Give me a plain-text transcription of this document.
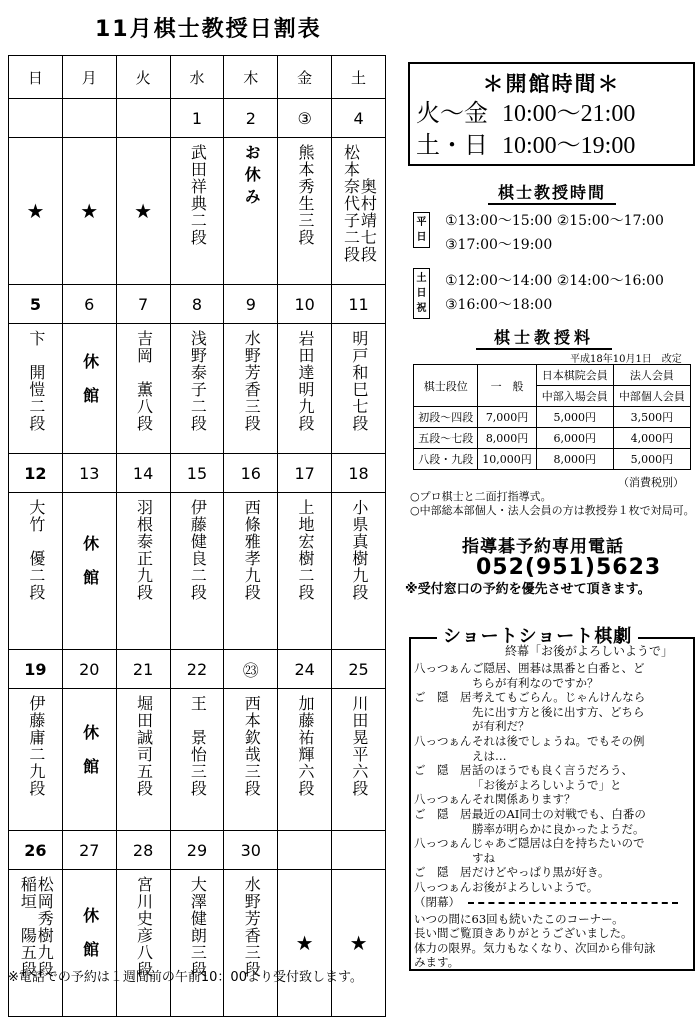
11月棋士教授日割表
日	月	火	水	木	金	土
			1	2	③	4
★	★	★	武田祥典二段	お休み	熊本秀生三段	松本奈代子二段奥村靖七段
5	6	7	8	9	10	11
卞　開愷二段	休館	吉岡　薫八段	浅野泰子二段	水野芳香三段	岩田達明九段	明戸和巳七段
12	13	14	15	16	17	18
大竹　優二段	休館	羽根泰正九段	伊藤健良二段	西條雅孝九段	上地宏樹二段	小県真樹九段
19	20	21	22	㉓	24	25
伊藤庸二九段	休館	堀田誠司五段	王　景怡三段	西本欽哉三段	加藤祐輝六段	川田晃平六段
26	27	28	29	30		
稲垣　陽五段松岡秀樹九段	休館	宮川史彦八段	大澤健朗三段	水野芳香三段	★	★
※電話での予約は１週間前の午前10：00より受付致します。
＊開館時間＊
火〜金 10:00〜21:00
土・日 10:00〜19:00
棋士教授時間
平日
①13:00〜15:00 ②15:00〜17:00
③17:00〜19:00
土日祝
①12:00〜14:00 ②14:00〜16:00
③16:00〜18:00
棋士教授料
平成18年10月1日　改定
棋士段位	一　般	日本棋院会員	法人会員
		中部入場会員	中部個人会員
初段〜四段	7,000円	5,000円	3,500円
五段〜七段	8,000円	6,000円	4,000円
八段・九段	10,000円	8,000円	5,000円
（消費税別）
○プロ棋士と二面打指導式。
○中部総本部個人・法人会員の方は教授券１枚で対局可。
指導碁予約専用電話
052(951)5623
※受付窓口の予約を優先させて頂きます。
ショートショート棋劇
終幕「お後がよろしいようで」
八っつぁんご隠居、囲碁は黒番と白番と、ど
ちらが有利なのですか？
ご　隠　居考えてもごらん。じゃんけんなら
先に出す方と後に出す方、どちら
が有利だ？
八っつぁんそれは後でしょうね。でもその例
えは…
ご　隠　居話のほうでも良く言うだろう、
「お後がよろしいようで」と
八っつぁんそれ関係あります？
ご　隠　居最近のAI同士の対戦でも、白番の
勝率が明らかに良かったようだ。
八っつぁんじゃあご隠居は白を持ちたいので
すね
ご　隠　居だけどやっぱり黒が好き。
八っつぁんお後がよろしいようで。
（閉幕）
いつの間に63回も続いたこのコーナー。
長い間ご覧頂きありがとうございました。
体力の限界。気力もなくなり、次回から俳句詠
みます。
